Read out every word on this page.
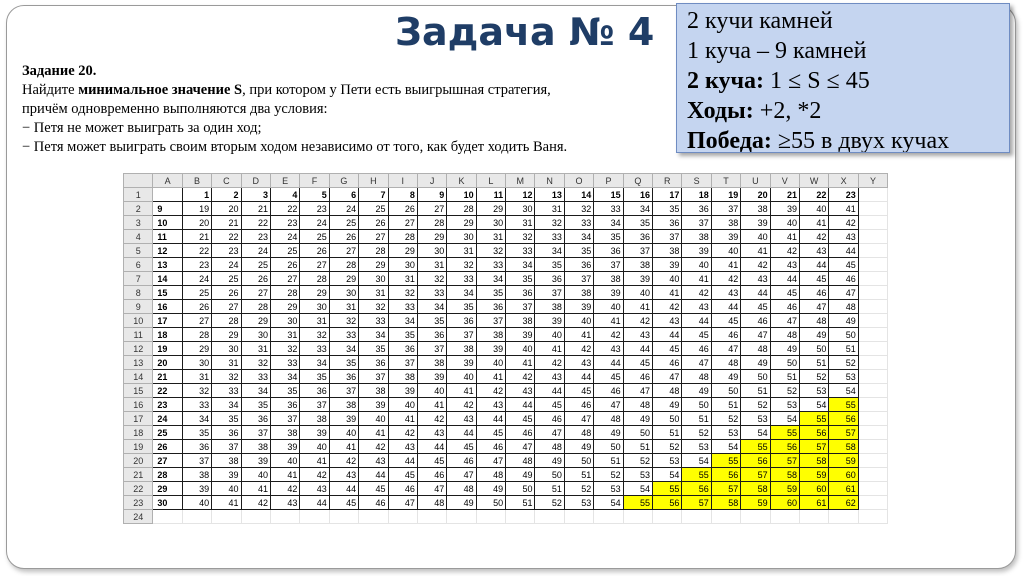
Задача № 4
Задание 20.
Найдите минимальное значение S, при котором у Пети есть выигрышная стратегия,
причём одновременно выполняются два условия:
− Петя не может выиграть за один ход;
− Петя может выиграть своим вторым ходом независимо от того, как будет ходить Ваня.
2 кучи камней
1 куча – 9 камней
2 куча: 1 ≤ S ≤ 45
Ходы: +2, *2
Победа: ≥55 в двух кучах
	A	B	C	D	E	F	G	H	I	J	K	L	M	N	O	P	Q	R	S	T	U	V	W	X	Y
1		1	2	3	4	5	6	7	8	9	10	11	12	13	14	15	16	17	18	19	20	21	22	23	
2	9	19	20	21	22	23	24	25	26	27	28	29	30	31	32	33	34	35	36	37	38	39	40	41	
3	10	20	21	22	23	24	25	26	27	28	29	30	31	32	33	34	35	36	37	38	39	40	41	42	
4	11	21	22	23	24	25	26	27	28	29	30	31	32	33	34	35	36	37	38	39	40	41	42	43	
5	12	22	23	24	25	26	27	28	29	30	31	32	33	34	35	36	37	38	39	40	41	42	43	44	
6	13	23	24	25	26	27	28	29	30	31	32	33	34	35	36	37	38	39	40	41	42	43	44	45	
7	14	24	25	26	27	28	29	30	31	32	33	34	35	36	37	38	39	40	41	42	43	44	45	46	
8	15	25	26	27	28	29	30	31	32	33	34	35	36	37	38	39	40	41	42	43	44	45	46	47	
9	16	26	27	28	29	30	31	32	33	34	35	36	37	38	39	40	41	42	43	44	45	46	47	48	
10	17	27	28	29	30	31	32	33	34	35	36	37	38	39	40	41	42	43	44	45	46	47	48	49	
11	18	28	29	30	31	32	33	34	35	36	37	38	39	40	41	42	43	44	45	46	47	48	49	50	
12	19	29	30	31	32	33	34	35	36	37	38	39	40	41	42	43	44	45	46	47	48	49	50	51	
13	20	30	31	32	33	34	35	36	37	38	39	40	41	42	43	44	45	46	47	48	49	50	51	52	
14	21	31	32	33	34	35	36	37	38	39	40	41	42	43	44	45	46	47	48	49	50	51	52	53	
15	22	32	33	34	35	36	37	38	39	40	41	42	43	44	45	46	47	48	49	50	51	52	53	54	
16	23	33	34	35	36	37	38	39	40	41	42	43	44	45	46	47	48	49	50	51	52	53	54	55	
17	24	34	35	36	37	38	39	40	41	42	43	44	45	46	47	48	49	50	51	52	53	54	55	56	
18	25	35	36	37	38	39	40	41	42	43	44	45	46	47	48	49	50	51	52	53	54	55	56	57	
19	26	36	37	38	39	40	41	42	43	44	45	46	47	48	49	50	51	52	53	54	55	56	57	58	
20	27	37	38	39	40	41	42	43	44	45	46	47	48	49	50	51	52	53	54	55	56	57	58	59	
21	28	38	39	40	41	42	43	44	45	46	47	48	49	50	51	52	53	54	55	56	57	58	59	60	
22	29	39	40	41	42	43	44	45	46	47	48	49	50	51	52	53	54	55	56	57	58	59	60	61	
23	30	40	41	42	43	44	45	46	47	48	49	50	51	52	53	54	55	56	57	58	59	60	61	62	
24																									
